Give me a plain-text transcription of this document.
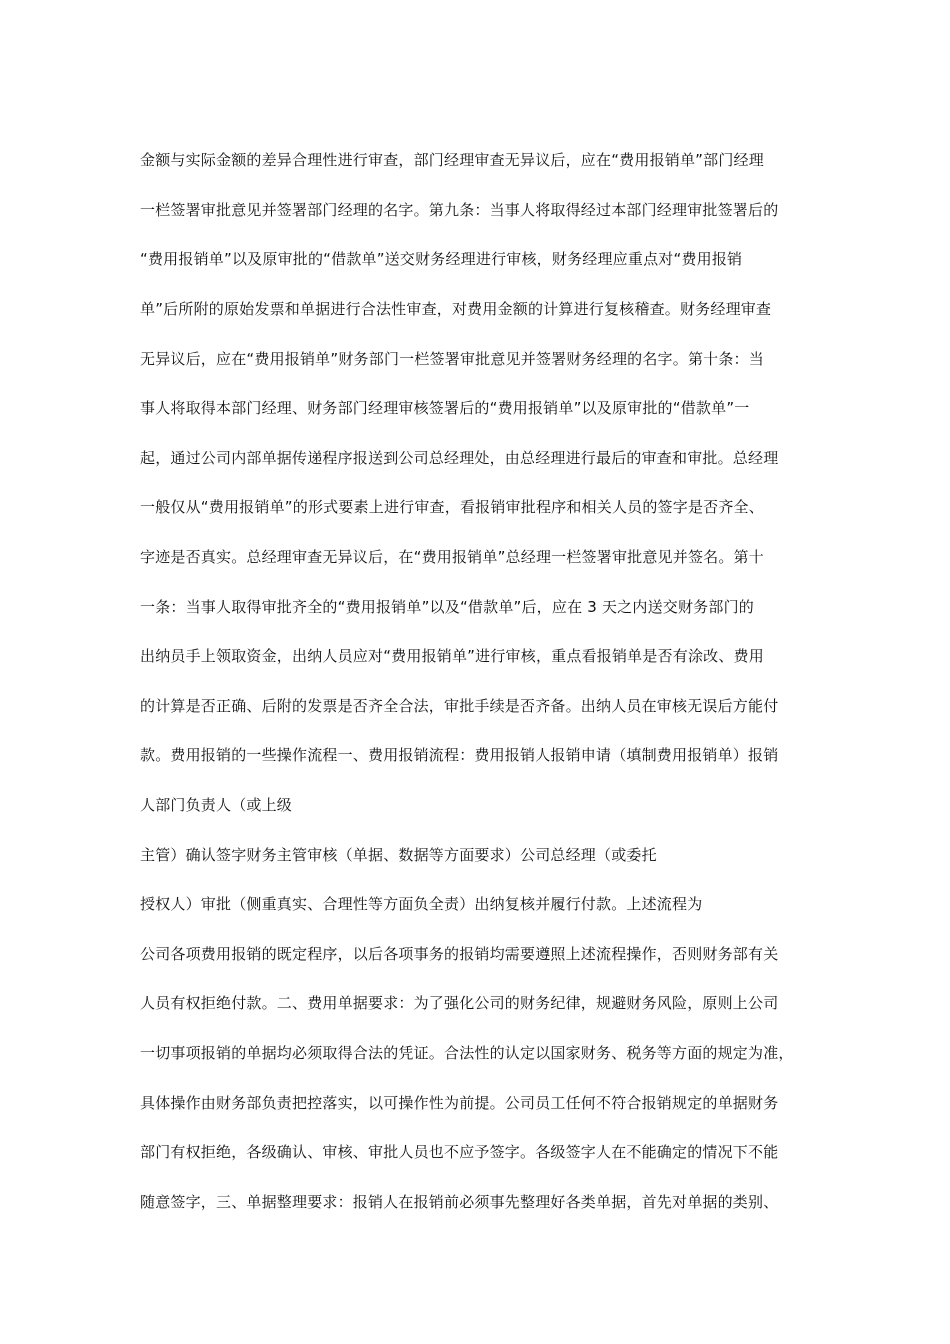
金额与实际金额的差异合理性进行审查，部门经理审查无异议后，应在“费用报销单”部门经理
一栏签署审批意见并签署部门经理的名字。第九条：当事人将取得经过本部门经理审批签署后的
“费用报销单”以及原审批的“借款单”送交财务经理进行审核，财务经理应重点对“费用报销
单”后所附的原始发票和单据进行合法性审查，对费用金额的计算进行复核稽查。财务经理审查
无异议后，应在“费用报销单”财务部门一栏签署审批意见并签署财务经理的名字。第十条：当
事人将取得本部门经理、财务部门经理审核签署后的“费用报销单”以及原审批的“借款单”一
起，通过公司内部单据传递程序报送到公司总经理处，由总经理进行最后的审查和审批。总经理
一般仅从“费用报销单”的形式要素上进行审查，看报销审批程序和相关人员的签字是否齐全、
字迹是否真实。总经理审查无异议后，在“费用报销单”总经理一栏签署审批意见并签名。第十
一条：当事人取得审批齐全的“费用报销单”以及“借款单”后，应在 3 天之内送交财务部门的
出纳员手上领取资金，出纳人员应对“费用报销单”进行审核，重点看报销单是否有涂改、费用
的计算是否正确、后附的发票是否齐全合法，审批手续是否齐备。出纳人员在审核无误后方能付
款。费用报销的一些操作流程一、费用报销流程：费用报销人报销申请（填制费用报销单）报销
人部门负责人（或上级
主管）确认签字财务主管审核（单据、数据等方面要求）公司总经理（或委托
授权人）审批（侧重真实、合理性等方面负全责）出纳复核并履行付款。上述流程为
公司各项费用报销的既定程序，以后各项事务的报销均需要遵照上述流程操作，否则财务部有关
人员有权拒绝付款。二、费用单据要求：为了强化公司的财务纪律，规避财务风险，原则上公司
一切事项报销的单据均必须取得合法的凭证。合法性的认定以国家财务、税务等方面的规定为准，
具体操作由财务部负责把控落实，以可操作性为前提。公司员工任何不符合报销规定的单据财务
部门有权拒绝，各级确认、审核、审批人员也不应予签字。各级签字人在不能确定的情况下不能
随意签字，三、单据整理要求：报销人在报销前必须事先整理好各类单据，首先对单据的类别、
